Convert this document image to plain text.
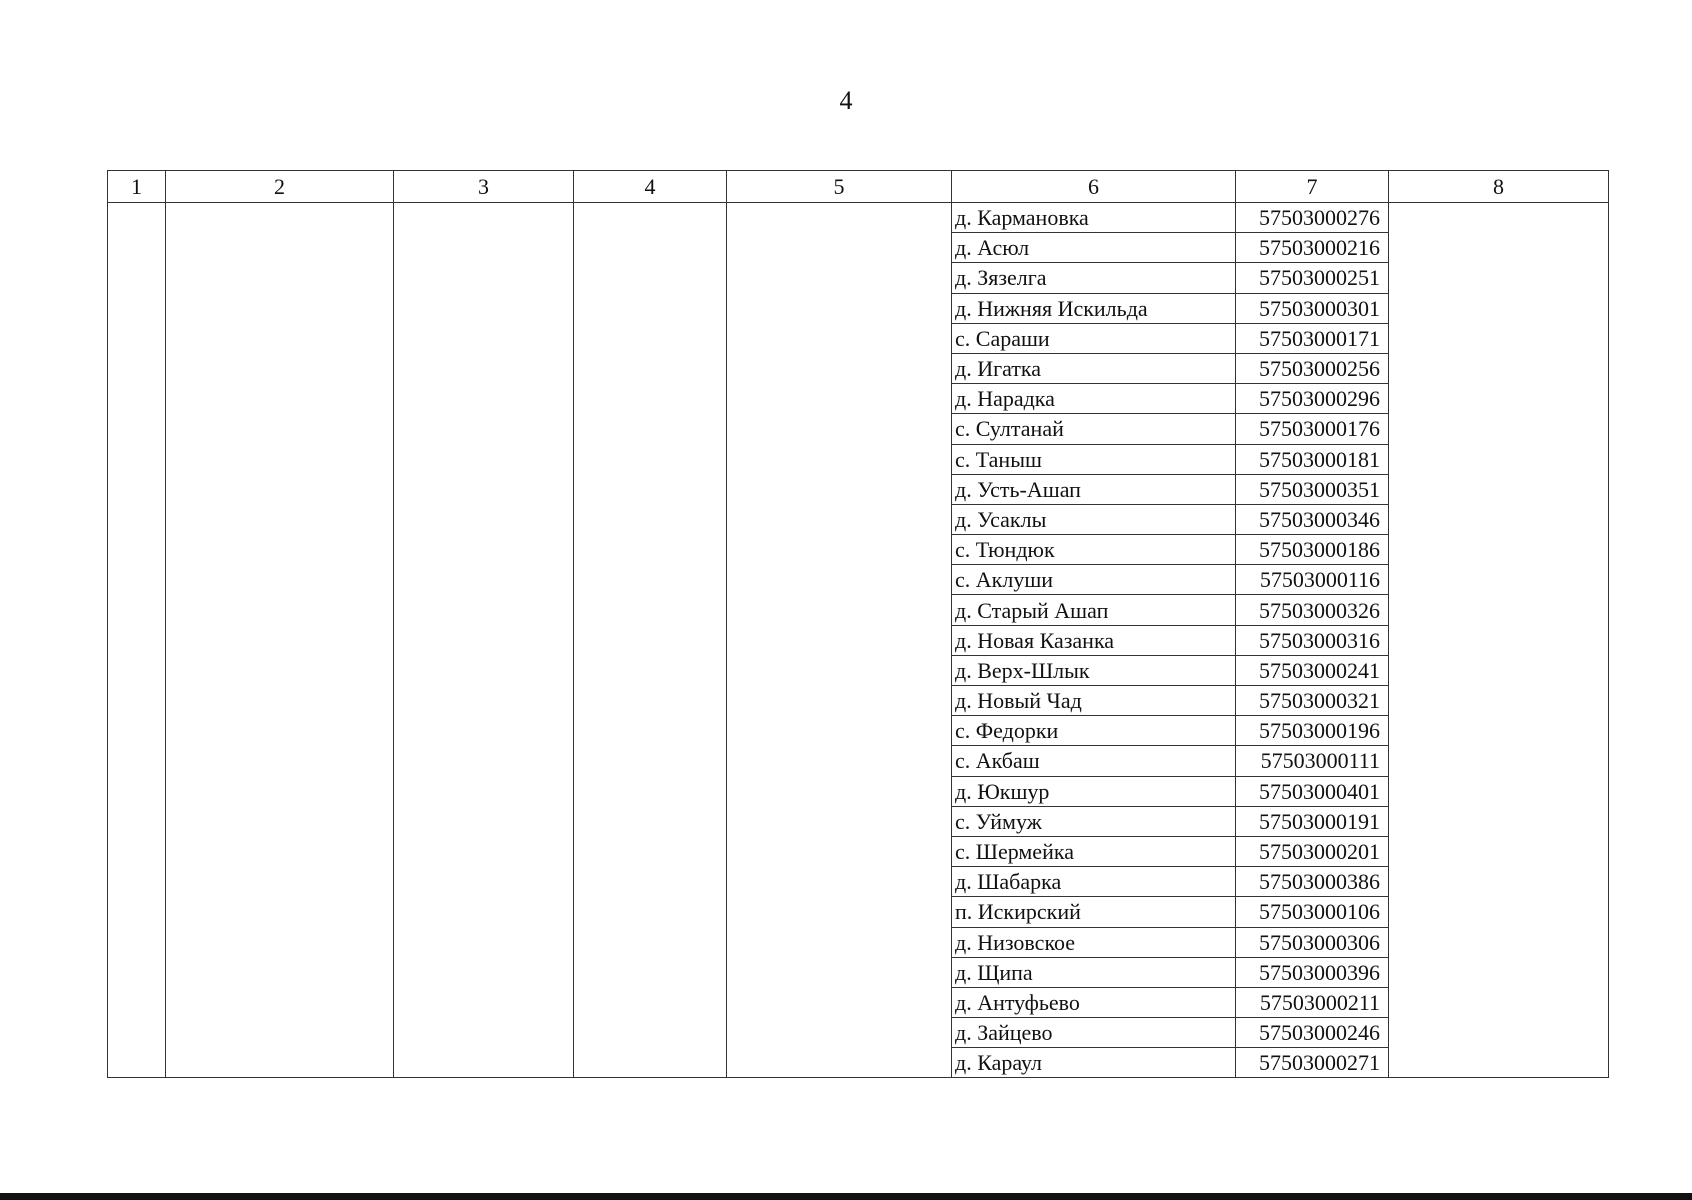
4
1	2	3	4	5	6	7	8
					д. Кармановка	57503000276	
					д. Асюл	57503000216	
					д. Зязелга	57503000251	
					д. Нижняя Искильда	57503000301	
					с. Сараши	57503000171	
					д. Игатка	57503000256	
					д. Нарадка	57503000296	
					с. Султанай	57503000176	
					с. Таныш	57503000181	
					д. Усть-Ашап	57503000351	
					д. Усаклы	57503000346	
					с. Тюндюк	57503000186	
					с. Аклуши	57503000116	
					д. Старый Ашап	57503000326	
					д. Новая Казанка	57503000316	
					д. Верх-Шлык	57503000241	
					д. Новый Чад	57503000321	
					с. Федорки	57503000196	
					с. Акбаш	57503000111	
					д. Юкшур	57503000401	
					с. Уймуж	57503000191	
					с. Шермейка	57503000201	
					д. Шабарка	57503000386	
					п. Искирский	57503000106	
					д. Низовское	57503000306	
					д. Щипа	57503000396	
					д. Антуфьево	57503000211	
					д. Зайцево	57503000246	
					д. Караул	57503000271	
